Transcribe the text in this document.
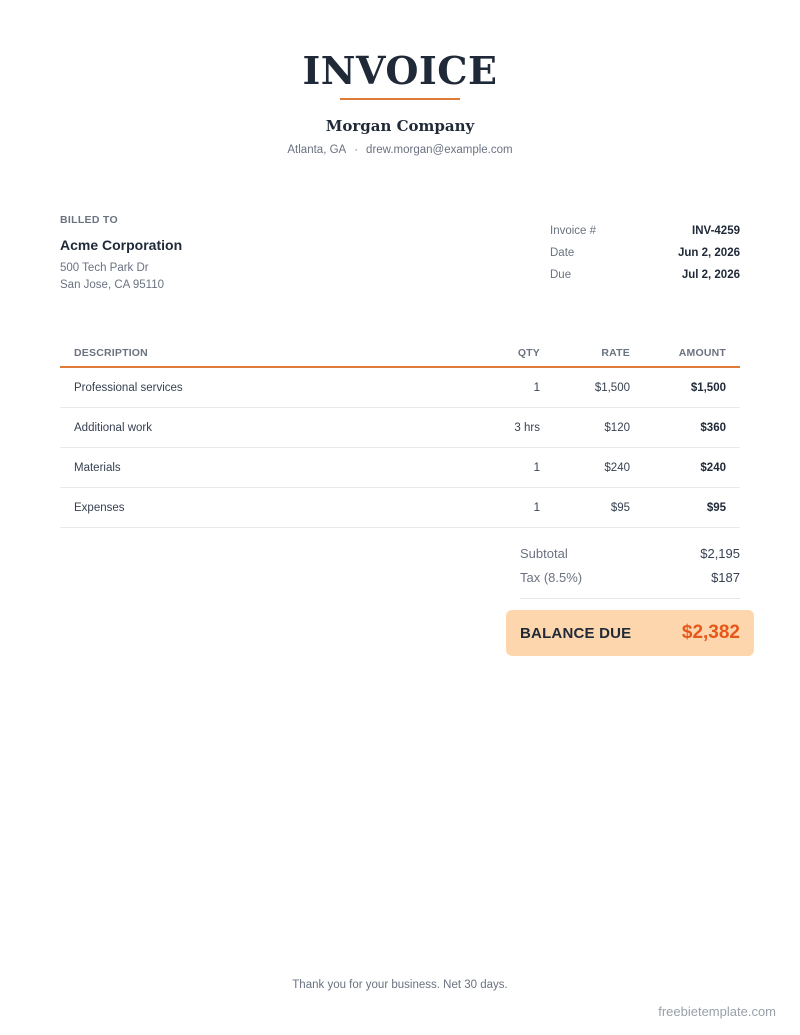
INVOICE
Morgan Company
Atlanta, GA · drew.morgan@example.com
BILLED TO
Acme Corporation
500 Tech Park Dr
San Jose, CA 95110
Invoice #	INV-4259
Date	Jun 2, 2026
Due	Jul 2, 2026
DESCRIPTION	QTY	RATE	AMOUNT
Professional services	1	$1,500	$1,500
Additional work	3 hrs	$120	$360
Materials	1	$240	$240
Expenses	1	$95	$95
Subtotal	$2,195
Tax (8.5%)	$187
BALANCE DUE	$2,382
Thank you for your business. Net 30 days.
freebietemplate.com
